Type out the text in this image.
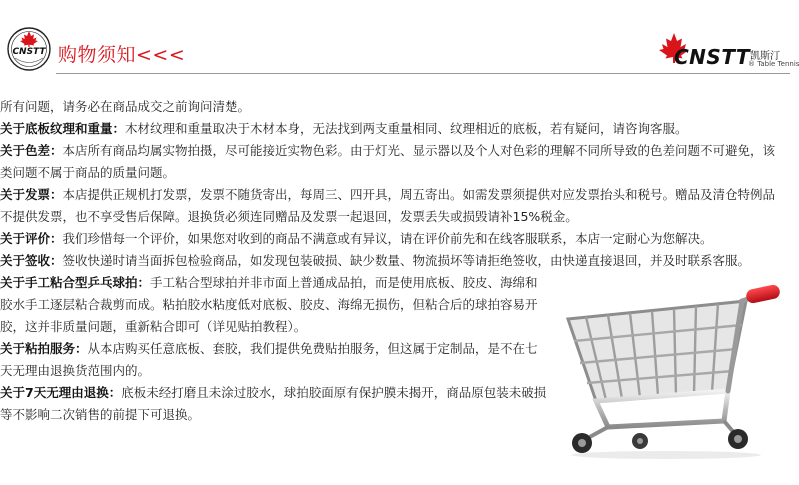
CNSTT 购物须知<<<	CNSTT 凯斯汀
® Table Tennis

所有问题，请务必在商品成交之前询问清楚。

关于底板纹理和重量：木材纹理和重量取决于木材本身，无法找到两支重量相同、纹理相近的底板，若有疑问，请咨询客服。

关于色差：本店所有商品均属实物拍摄，尽可能接近实物色彩。由于灯光、显示器以及个人对色彩的理解不同所导致的色差问题不可避免，该类问题不属于商品的质量问题。

关于发票：本店提供正规机打发票，发票不随货寄出，每周三、四开具，周五寄出。如需发票须提供对应发票抬头和税号。赠品及清仓特例品不提供发票，也不享受售后保障。退换货必须连同赠品及发票一起退回，发票丢失或损毁请补15%税金。

关于评价：我们珍惜每一个评价，如果您对收到的商品不满意或有异议，请在评价前先和在线客服联系，本店一定耐心为您解决。

关于签收：签收快递时请当面拆包检验商品，如发现包装破损、缺少数量、物流损坏等请拒绝签收，由快递直接退回，并及时联系客服。

关于手工粘合型乒乓球拍：手工粘合型球拍并非市面上普通成品拍，而是使用底板、胶皮、海绵和胶水手工逐层粘合裁剪而成。粘拍胶水粘度低对底板、胶皮、海绵无损伤，但粘合后的球拍容易开胶，这并非质量问题，重新粘合即可（详见贴拍教程）。

关于粘拍服务：从本店购买任意底板、套胶，我们提供免费贴拍服务，但这属于定制品，是不在七天无理由退换货范围内的。

关于7天无理由退换：底板未经打磨且未涂过胶水，球拍胶面原有保护膜未揭开，商品原包装未破损等不影响二次销售的前提下可退换。
